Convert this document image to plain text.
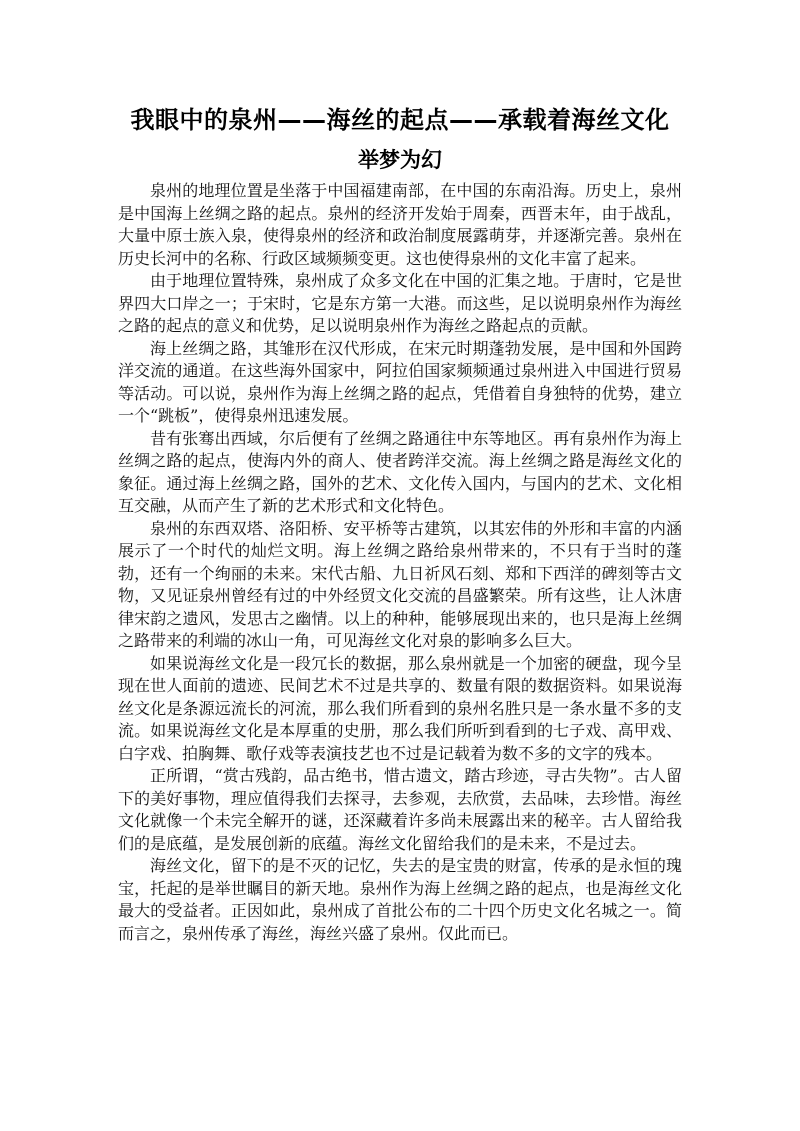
我眼中的泉州——海丝的起点——承载着海丝文化
举梦为幻

泉州的地理位置是坐落于中国福建南部，在中国的东南沿海。历史上，泉州是中国海上丝绸之路的起点。泉州的经济开发始于周秦，西晋末年，由于战乱，大量中原士族入泉，使得泉州的经济和政治制度展露萌芽，并逐渐完善。泉州在历史长河中的名称、行政区域频频变更。这也使得泉州的文化丰富了起来。

由于地理位置特殊，泉州成了众多文化在中国的汇集之地。于唐时，它是世界四大口岸之一；于宋时，它是东方第一大港。而这些，足以说明泉州作为海丝之路的起点的意义和优势，足以说明泉州作为海丝之路起点的贡献。

海上丝绸之路，其雏形在汉代形成，在宋元时期蓬勃发展，是中国和外国跨洋交流的通道。在这些海外国家中，阿拉伯国家频频通过泉州进入中国进行贸易等活动。可以说，泉州作为海上丝绸之路的起点，凭借着自身独特的优势，建立一个“跳板”，使得泉州迅速发展。

昔有张骞出西域，尔后便有了丝绸之路通往中东等地区。再有泉州作为海上丝绸之路的起点，使海内外的商人、使者跨洋交流。海上丝绸之路是海丝文化的象征。通过海上丝绸之路，国外的艺术、文化传入国内，与国内的艺术、文化相互交融，从而产生了新的艺术形式和文化特色。

泉州的东西双塔、洛阳桥、安平桥等古建筑，以其宏伟的外形和丰富的内涵展示了一个时代的灿烂文明。海上丝绸之路给泉州带来的，不只有于当时的蓬勃，还有一个绚丽的未来。宋代古船、九日祈风石刻、郑和下西洋的碑刻等古文物，又见证泉州曾经有过的中外经贸文化交流的昌盛繁荣。所有这些，让人沐唐律宋韵之遗风，发思古之幽情。以上的种种，能够展现出来的，也只是海上丝绸之路带来的利端的冰山一角，可见海丝文化对泉的影响多么巨大。

如果说海丝文化是一段冗长的数据，那么泉州就是一个加密的硬盘，现今呈现在世人面前的遗迹、民间艺术不过是共享的、数量有限的数据资料。如果说海丝文化是条源远流长的河流，那么我们所看到的泉州名胜只是一条水量不多的支流。如果说海丝文化是本厚重的史册，那么我们所听到看到的七子戏、高甲戏、白字戏、拍胸舞、歌仔戏等表演技艺也不过是记载着为数不多的文字的残本。

正所谓，“赏古残韵，品古绝书，惜古遗文，踏古珍迹，寻古失物”。古人留下的美好事物，理应值得我们去探寻，去参观，去欣赏，去品味，去珍惜。海丝文化就像一个未完全解开的谜，还深藏着许多尚未展露出来的秘辛。古人留给我们的是底蕴，是发展创新的底蕴。海丝文化留给我们的是未来，不是过去。

海丝文化，留下的是不灭的记忆，失去的是宝贵的财富，传承的是永恒的瑰宝，托起的是举世瞩目的新天地。泉州作为海上丝绸之路的起点，也是海丝文化最大的受益者。正因如此，泉州成了首批公布的二十四个历史文化名城之一。简而言之，泉州传承了海丝，海丝兴盛了泉州。仅此而已。
